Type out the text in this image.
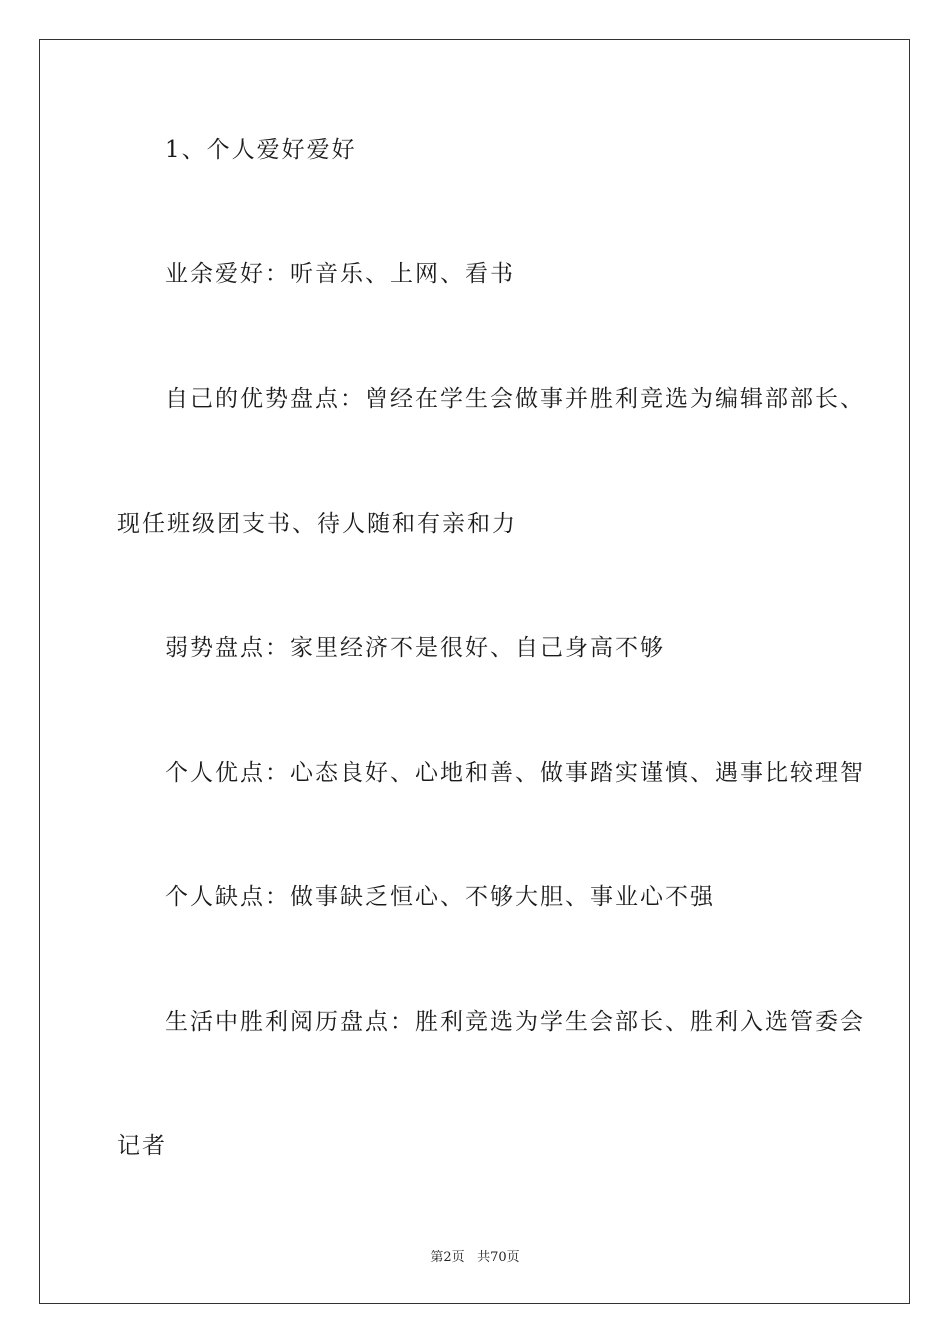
1、个人爱好爱好
业余爱好：听音乐、上网、看书
自己的优势盘点：曾经在学生会做事并胜利竞选为编辑部部长、
现任班级团支书、待人随和有亲和力
弱势盘点：家里经济不是很好、自己身高不够
个人优点：心态良好、心地和善、做事踏实谨慎、遇事比较理智
个人缺点：做事缺乏恒心、不够大胆、事业心不强
生活中胜利阅历盘点：胜利竞选为学生会部长、胜利入选管委会
记者
第2页 共70页
